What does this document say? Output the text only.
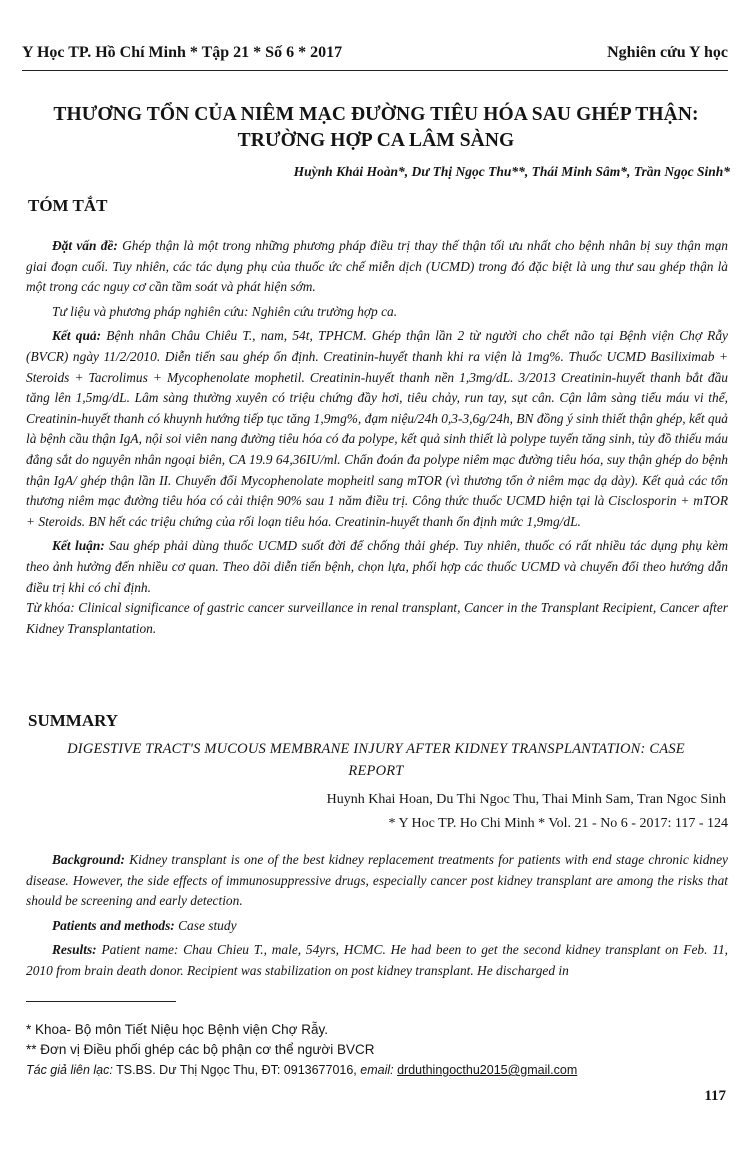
Y Học TP. Hồ Chí Minh * Tập 21 * Số 6 * 2017	Nghiên cứu Y học
THƯƠNG TỔN CỦA NIÊM MẠC ĐƯỜNG TIÊU HÓA SAU GHÉP THẬN:
TRƯỜNG HỢP CA LÂM SÀNG
Huỳnh Khải Hoàn*, Dư Thị Ngọc Thu**, Thái Minh Sâm*, Trần Ngọc Sinh*
TÓM TẮT

Đặt vấn đề: Ghép thận là một trong những phương pháp điều trị thay thế thận tối ưu nhất cho bệnh nhân bị suy thận mạn giai đoạn cuối. Tuy nhiên, các tác dụng phụ của thuốc ức chế miễn dịch (UCMD) trong đó đặc biệt là ung thư sau ghép thận là một trong các nguy cơ cần tầm soát và phát hiện sớm.

Tư liệu và phương pháp nghiên cứu: Nghiên cứu trường hợp ca.

Kết quả: Bệnh nhân Châu Chiêu T., nam, 54t, TPHCM. Ghép thận lần 2 từ người cho chết não tại Bệnh viện Chợ Rẫy (BVCR) ngày 11/2/2010. Diễn tiến sau ghép ổn định. Creatinin-huyết thanh khi ra viện là 1mg%. Thuốc UCMD Basiliximab + Steroids + Tacrolimus + Mycophenolate mophetil. Creatinin-huyết thanh nền 1,3mg/dL. 3/2013 Creatinin-huyết thanh bắt đầu tăng lên 1,5mg/dL. Lâm sàng thường xuyên có triệu chứng đầy hơi, tiêu chảy, run tay, sụt cân. Cận lâm sàng tiểu máu vi thể, Creatinin-huyết thanh có khuynh hướng tiếp tục tăng 1,9mg%, đạm niệu/24h 0,3-3,6g/24h, BN đồng ý sinh thiết thận ghép, kết quả là bệnh cầu thận IgA, nội soi viên nang đường tiêu hóa có đa polype, kết quả sinh thiết là polype tuyến tăng sinh, tủy đồ thiếu máu đẳng sắt do nguyên nhân ngoại biên, CA 19.9 64,36IU/ml. Chẩn đoán đa polype niêm mạc đường tiêu hóa, suy thận ghép do bệnh thận IgA/ ghép thận lần II. Chuyển đổi Mycophenolate mopheitl sang mTOR (vì thương tổn ở niêm mạc dạ dày). Kết quả các tổn thương niêm mạc đường tiêu hóa có cải thiện 90% sau 1 năm điều trị. Công thức thuốc UCMD hiện tại là Cisclosporin + mTOR + Steroids. BN hết các triệu chứng của rối loạn tiêu hóa. Creatinin-huyết thanh ổn định mức 1,9mg/dL.

Kết luận: Sau ghép phải dùng thuốc UCMD suốt đời để chống thải ghép. Tuy nhiên, thuốc có rất nhiều tác dụng phụ kèm theo ảnh hưởng đến nhiều cơ quan. Theo dõi diễn tiến bệnh, chọn lựa, phối hợp các thuốc UCMD và chuyển đổi theo hướng dẫn điều trị khi có chỉ định.

Từ khóa: Clinical significance of gastric cancer surveillance in renal transplant, Cancer in the Transplant Recipient, Cancer after Kidney Transplantation.

SUMMARY
DIGESTIVE TRACT'S MUCOUS MEMBRANE INJURY AFTER KIDNEY TRANSPLANTATION: CASE
REPORT
Huynh Khai Hoan, Du Thi Ngoc Thu, Thai Minh Sam, Tran Ngoc Sinh
* Y Hoc TP. Ho Chi Minh * Vol. 21 - No 6 - 2017: 117 - 124

Background: Kidney transplant is one of the best kidney replacement treatments for patients with end stage chronic kidney disease. However, the side effects of immunosuppressive drugs, especially cancer post kidney transplant are among the risks that should be screening and early detection.

Patients and methods: Case study

Results: Patient name: Chau Chieu T., male, 54yrs, HCMC. He had been to get the second kidney transplant on Feb. 11, 2010 from brain death donor. Recipient was stabilization on post kidney transplant. He discharged in

* Khoa- Bộ môn Tiết Niệu học Bệnh viện Chợ Rẫy.
** Đơn vị Điều phối ghép các bộ phận cơ thể người BVCR
Tác giả liên lạc: TS.BS. Dư Thị Ngọc Thu, ĐT: 0913677016, email: drduthingocthu2015@gmail.com
117
